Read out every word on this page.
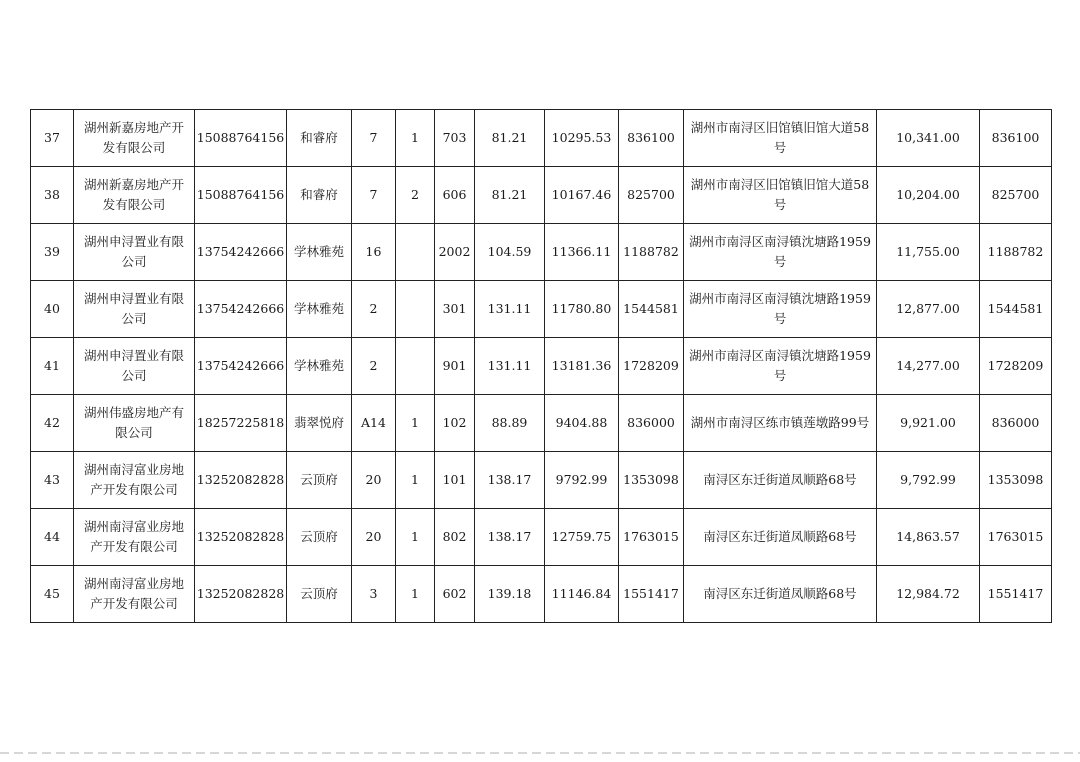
37	湖州新嘉房地产开发有限公司	15088764156	和睿府	7	1	703	81.21	10295.53	836100	湖州市南浔区旧馆镇旧馆大道58号	10,341.00	836100
38	湖州新嘉房地产开发有限公司	15088764156	和睿府	7	2	606	81.21	10167.46	825700	湖州市南浔区旧馆镇旧馆大道58号	10,204.00	825700
39	湖州申浔置业有限公司	13754242666	学林雅苑	16		2002	104.59	11366.11	1188782	湖州市南浔区南浔镇沈塘路1959号	11,755.00	1188782
40	湖州申浔置业有限公司	13754242666	学林雅苑	2		301	131.11	11780.80	1544581	湖州市南浔区南浔镇沈塘路1959号	12,877.00	1544581
41	湖州申浔置业有限公司	13754242666	学林雅苑	2		901	131.11	13181.36	1728209	湖州市南浔区南浔镇沈塘路1959号	14,277.00	1728209
42	湖州伟盛房地产有限公司	18257225818	翡翠悦府	A14	1	102	88.89	9404.88	836000	湖州市南浔区练市镇莲墩路99号	9,921.00	836000
43	湖州南浔富业房地产开发有限公司	13252082828	云顶府	20	1	101	138.17	9792.99	1353098	南浔区东迁街道凤顺路68号	9,792.99	1353098
44	湖州南浔富业房地产开发有限公司	13252082828	云顶府	20	1	802	138.17	12759.75	1763015	南浔区东迁街道凤顺路68号	14,863.57	1763015
45	湖州南浔富业房地产开发有限公司	13252082828	云顶府	3	1	602	139.18	11146.84	1551417	南浔区东迁街道凤顺路68号	12,984.72	1551417
